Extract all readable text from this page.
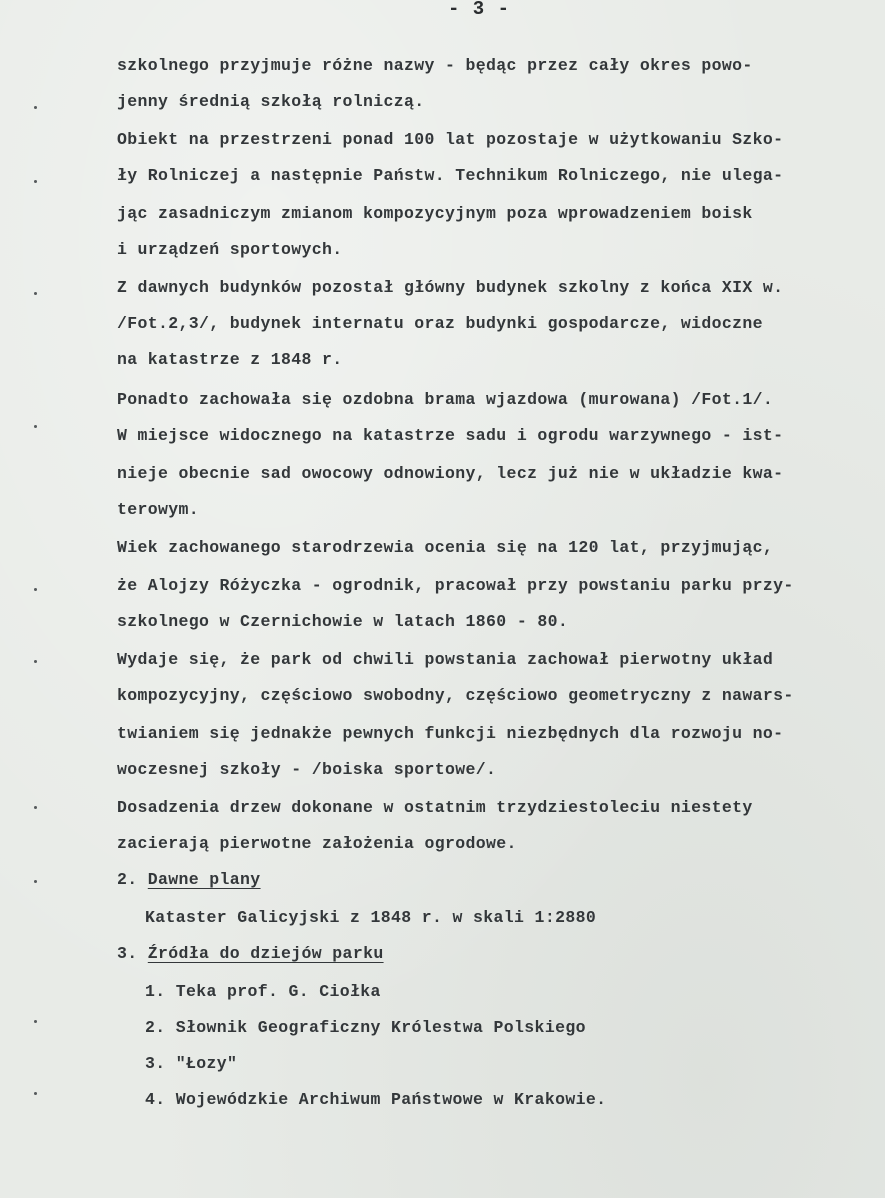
- 3 -
szkolnego przyjmuje różne nazwy - będąc przez cały okres powo-
jenny średnią szkołą rolniczą.
Obiekt na przestrzeni ponad 100 lat pozostaje w użytkowaniu Szko-
ły Rolniczej a następnie Państw. Technikum Rolniczego, nie ulega-
jąc zasadniczym zmianom kompozycyjnym poza wprowadzeniem boisk
i urządzeń sportowych.
Z dawnych budynków pozostał główny budynek szkolny z końca XIX w.
/Fot.2,3/, budynek internatu oraz budynki gospodarcze, widoczne
na katastrze z 1848 r.
Ponadto zachowała się ozdobna brama wjazdowa (murowana) /Fot.1/.
W miejsce widocznego na katastrze sadu i ogrodu warzywnego - ist-
nieje obecnie sad owocowy odnowiony, lecz już nie w układzie kwa-
terowym.
Wiek zachowanego starodrzewia ocenia się na 120 lat, przyjmując,
że Alojzy Różyczka - ogrodnik, pracował przy powstaniu parku przy-
szkolnego w Czernichowie w latach 1860 - 80.
Wydaje się, że park od chwili powstania zachował pierwotny układ
kompozycyjny, częściowo swobodny, częściowo geometryczny z nawars-
twianiem się jednakże pewnych funkcji niezbędnych dla rozwoju no-
woczesnej szkoły - /boiska sportowe/.
Dosadzenia drzew dokonane w ostatnim trzydziestoleciu niestety
zacierają pierwotne założenia ogrodowe.
2. Dawne plany
Kataster Galicyjski z 1848 r. w skali 1:2880
3. Źródła do dziejów parku
1. Teka prof. G. Ciołka
2. Słownik Geograficzny Królestwa Polskiego
3. "Łozy"
4. Wojewódzkie Archiwum Państwowe w Krakowie.
